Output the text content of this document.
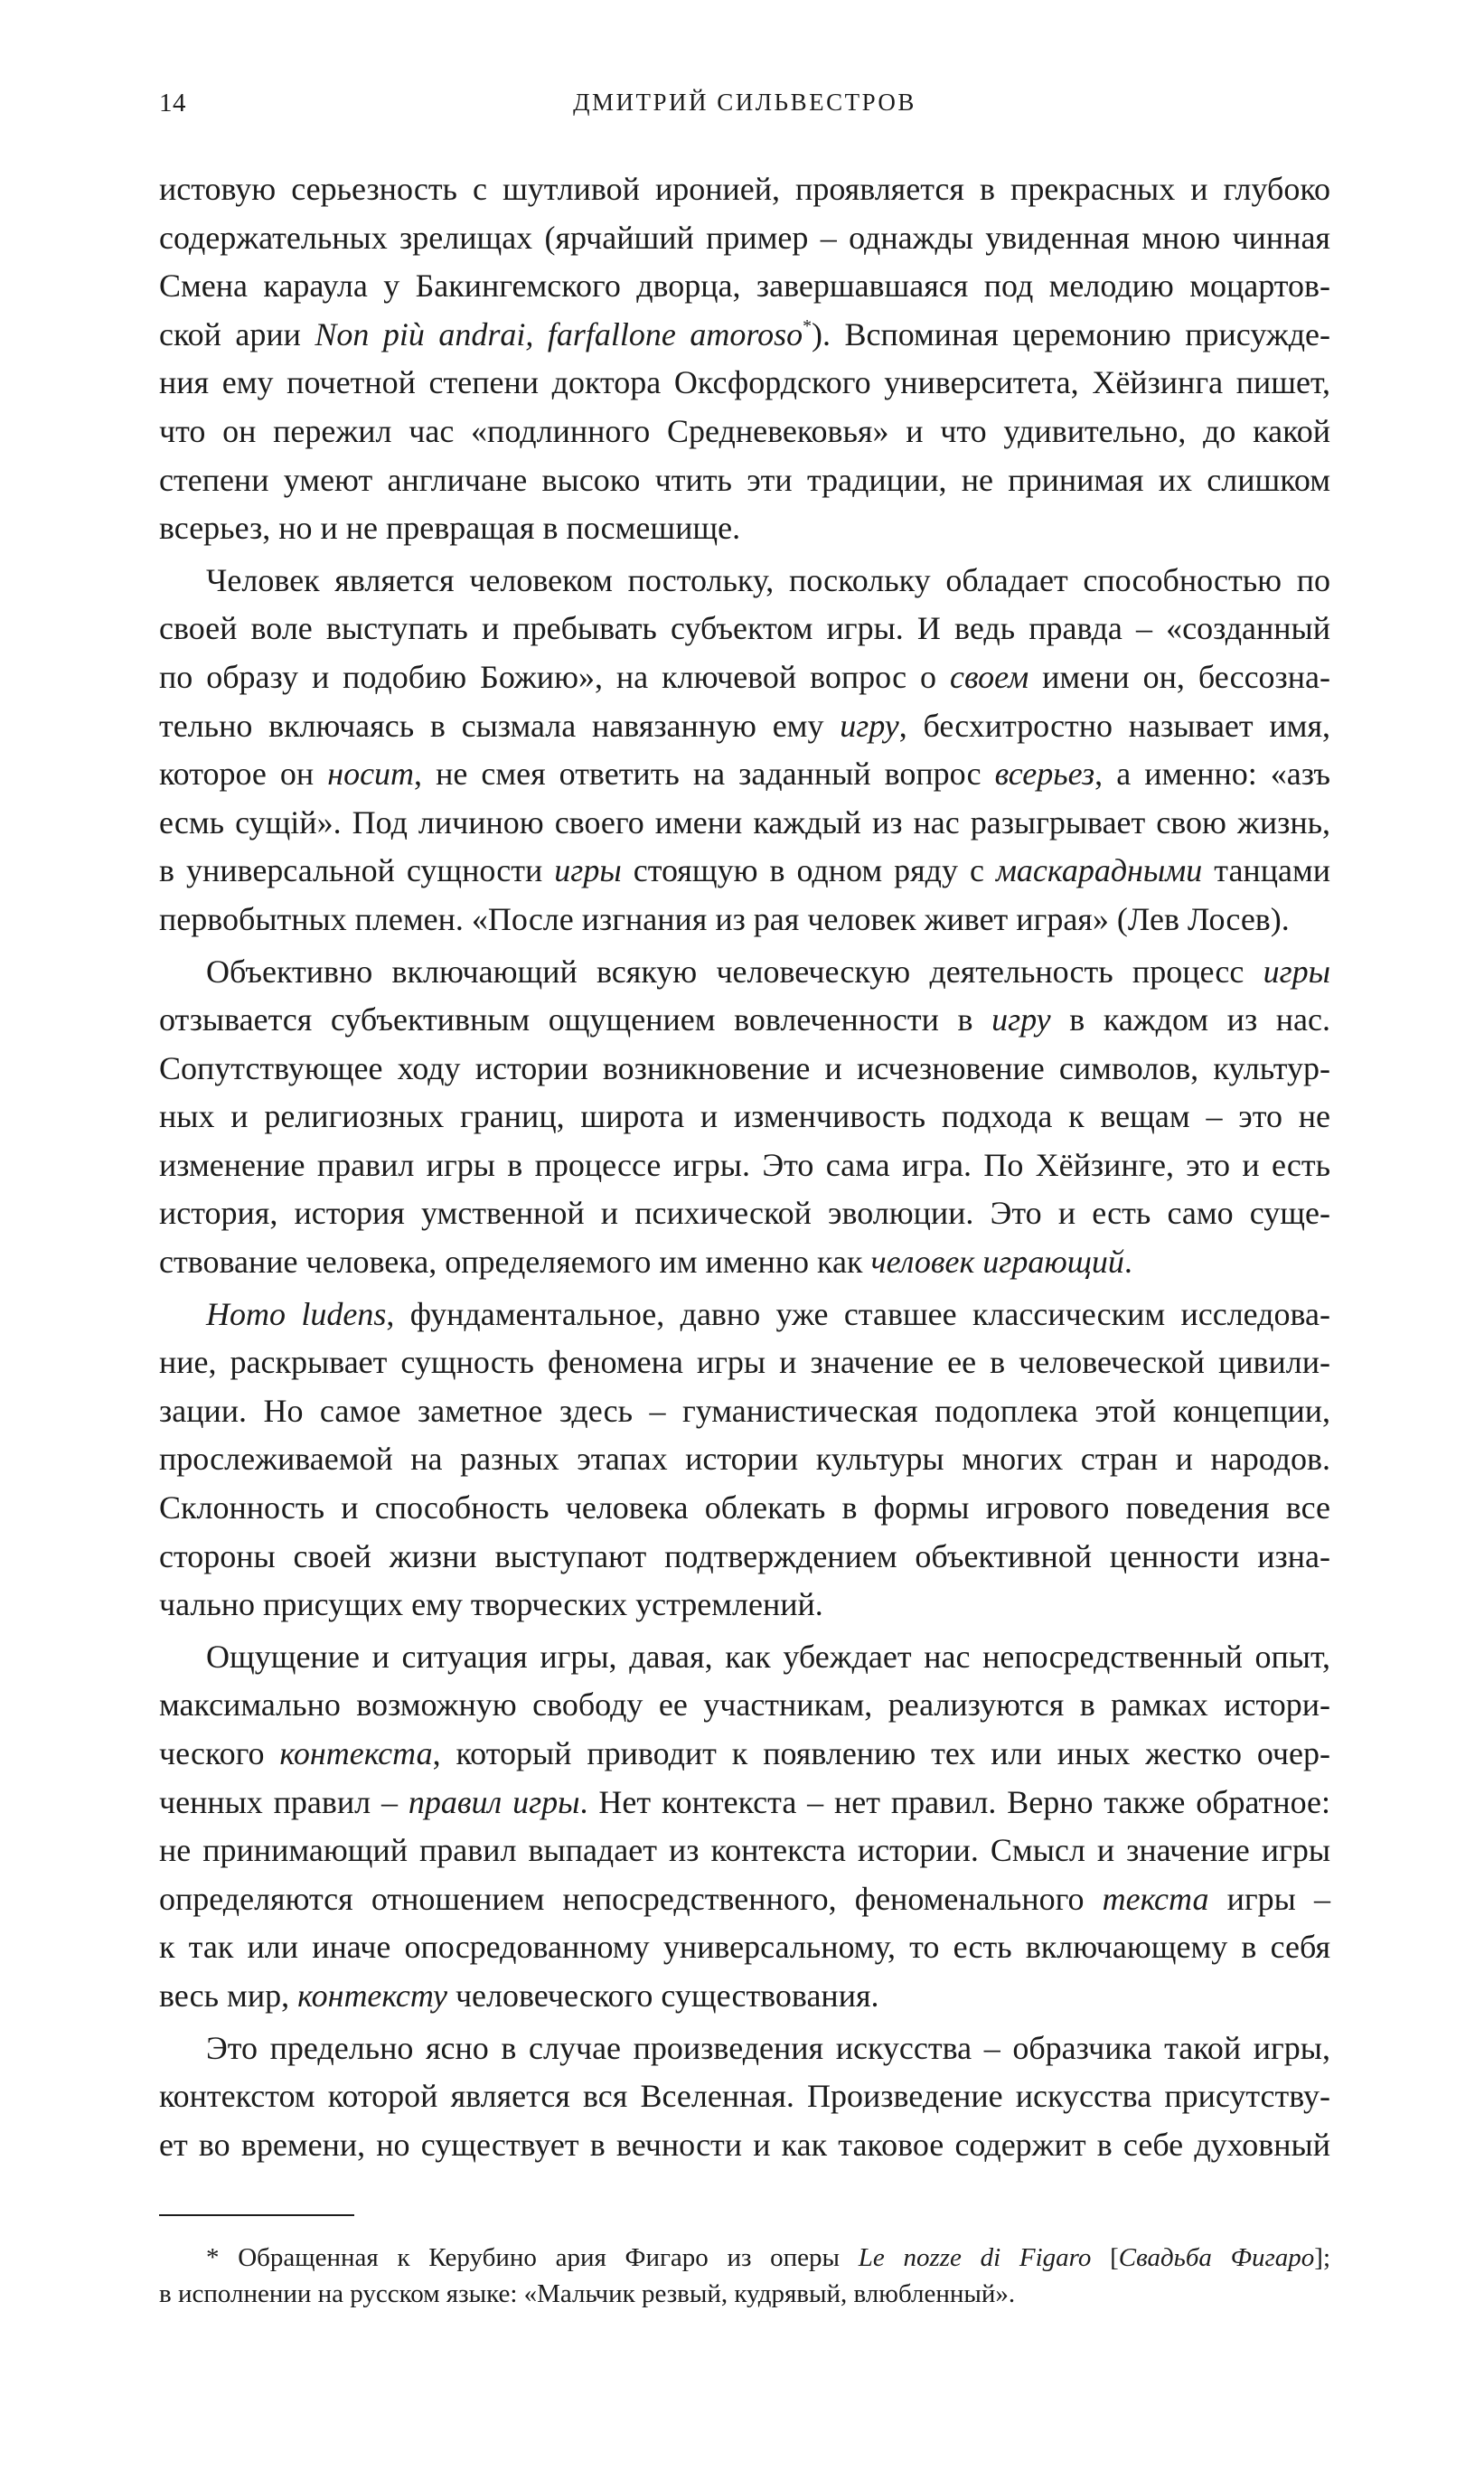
14	ДМИТРИЙ СИЛЬВЕСТРОВ

истовую серьезность с шутливой иронией, проявляется в прекрасных и глубоко

содержательных зрелищах (ярчайший пример – однажды увиденная мною чинная

Смена караула у Бакингемского дворца, завершавшаяся под мелодию моцартов-

ской арии Non più andrai, farfallone amoroso*). Вспоминая церемонию присужде-

ния ему почетной степени доктора Оксфордского университета, Хёйзинга пишет,

что он пережил час «подлинного Средневековья» и что удивительно, до какой

степени умеют англичане высоко чтить эти традиции, не принимая их слишком

всерьез, но и не превращая в посмешище.

Человек является человеком постольку, поскольку обладает способностью по

своей воле выступать и пребывать субъектом игры. И ведь правда – «созданный

по образу и подобию Божию», на ключевой вопрос о своем имени он, бессозна-

тельно включаясь в сызмала навязанную ему игру, бесхитростно называет имя,

которое он носит, не смея ответить на заданный вопрос всерьез, а именно: «азъ

есмь сущій». Под личиною своего имени каждый из нас разыгрывает свою жизнь,

в универсальной сущности игры стоящую в одном ряду с маскарадными танцами

первобытных племен. «После изгнания из рая человек живет играя» (Лев Лосев).

Объективно включающий всякую человеческую деятельность процесс игры

отзывается субъективным ощущением вовлеченности в игру в каждом из нас.

Сопутствующее ходу истории возникновение и исчезновение символов, культур-

ных и религиозных границ, широта и изменчивость подхода к вещам – это не

изменение правил игры в процессе игры. Это сама игра. По Хёйзинге, это и есть

история, история умственной и психической эволюции. Это и есть само суще-

ствование человека, определяемого им именно как человек играющий.

Homo ludens, фундаментальное, давно уже ставшее классическим исследова-

ние, раскрывает сущность феномена игры и значение ее в человеческой цивили-

зации. Но самое заметное здесь – гуманистическая подоплека этой концепции,

прослеживаемой на разных этапах истории культуры многих стран и народов.

Склонность и способность человека облекать в формы игрового поведения все

стороны своей жизни выступают подтверждением объективной ценности изна-

чально присущих ему творческих устремлений.

Ощущение и ситуация игры, давая, как убеждает нас непосредственный опыт,

максимально возможную свободу ее участникам, реализуются в рамках истори-

ческого контекста, который приводит к появлению тех или иных жестко очер-

ченных правил – правил игры. Нет контекста – нет правил. Верно также обратное:

не принимающий правил выпадает из контекста истории. Смысл и значение игры

определяются отношением непосредственного, феноменального текста игры –

к так или иначе опосредованному универсальному, то есть включающему в себя

весь мир, контексту человеческого существования.

Это предельно ясно в случае произведения искусства – образчика такой игры,

контекстом которой является вся Вселенная. Произведение искусства присутству-

ет во времени, но существует в вечности и как таковое содержит в себе духовный

* Обращенная к Керубино ария Фигаро из оперы Le nozze di Figaro [Свадьба Фигаро];

в исполнении на русском языке: «Мальчик резвый, кудрявый, влюбленный».
